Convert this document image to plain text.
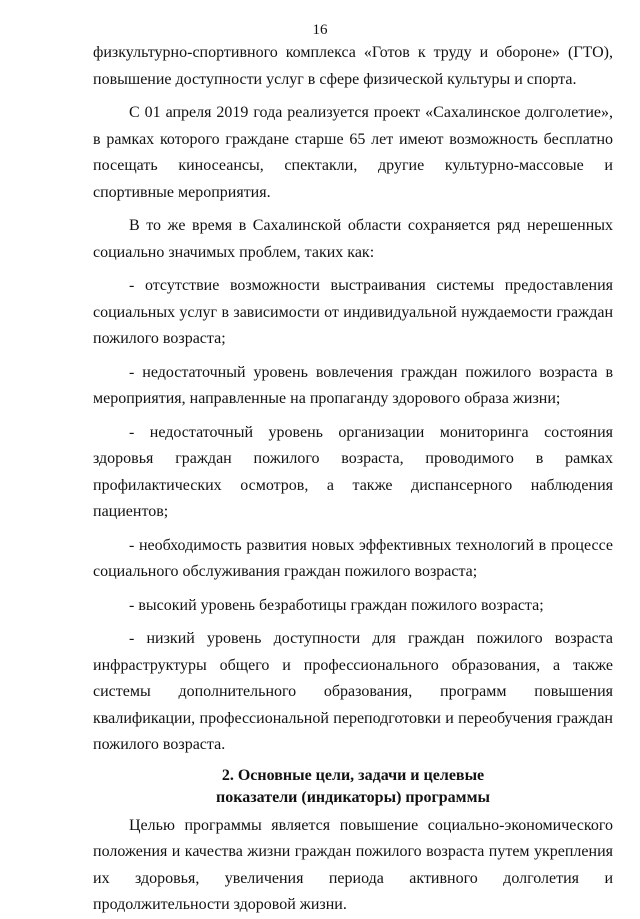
16

физкультурно-спортивного комплекса «Готов к труду и обороне» (ГТО), повышение доступности услуг в сфере физической культуры и спорта.

С 01 апреля 2019 года реализуется проект «Сахалинское долголетие», в рамках которого граждане старше 65 лет имеют возможность бесплатно посещать киносеансы, спектакли, другие культурно-массовые и спортивные мероприятия.

В то же время в Сахалинской области сохраняется ряд нерешенных социально значимых проблем, таких как:

- отсутствие возможности выстраивания системы предоставления социальных услуг в зависимости от индивидуальной нуждаемости граждан пожилого возраста;

- недостаточный уровень вовлечения граждан пожилого возраста в мероприятия, направленные на пропаганду здорового образа жизни;

- недостаточный уровень организации мониторинга состояния здоровья граждан пожилого возраста, проводимого в рамках профилактических осмотров, а также диспансерного наблюдения пациентов;

- необходимость развития новых эффективных технологий в процессе социального обслуживания граждан пожилого возраста;

- высокий уровень безработицы граждан пожилого возраста;

- низкий уровень доступности для граждан пожилого возраста инфраструктуры общего и профессионального образования, а также системы дополнительного образования, программ повышения квалификации, профессиональной переподготовки и переобучения граждан пожилого возраста.

2. Основные цели, задачи и целевые
показатели (индикаторы) программы

Целью программы является повышение социально-экономического положения и качества жизни граждан пожилого возраста путем укрепления их здоровья, увеличения периода активного долголетия и продолжительности здоровой жизни.
